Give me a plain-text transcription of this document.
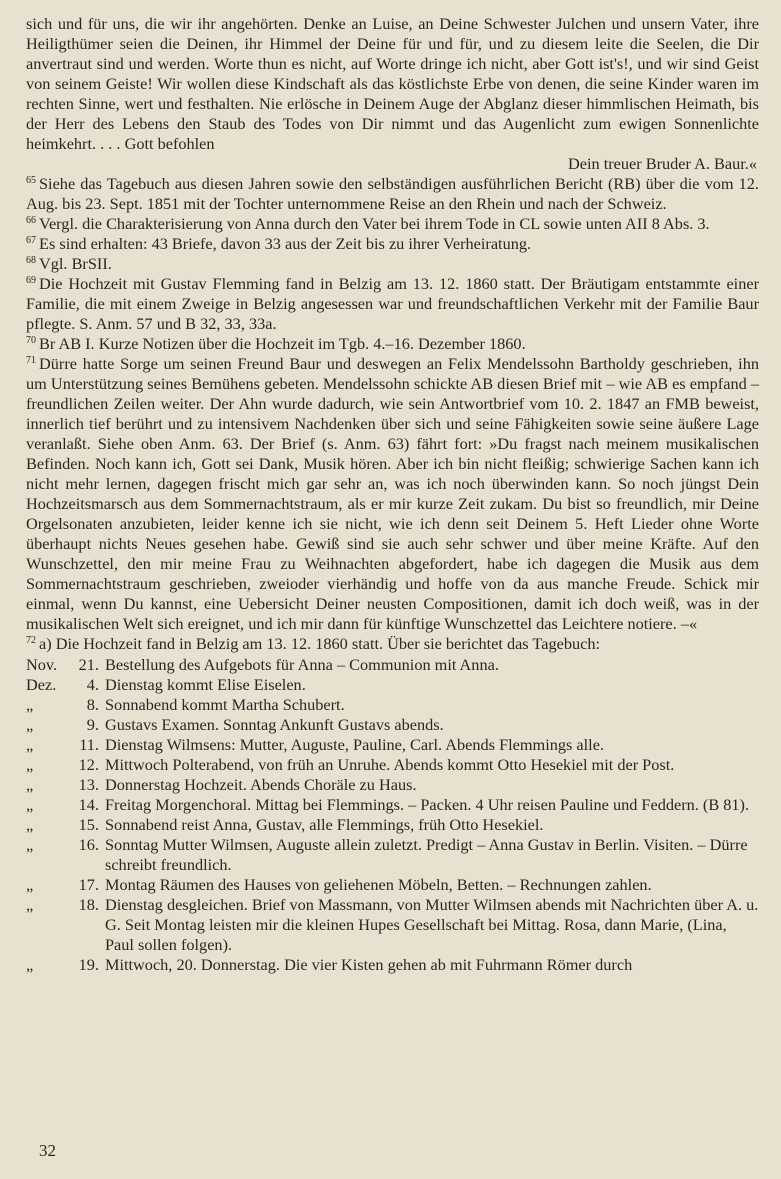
sich und für uns, die wir ihr angehörten. Denke an Luise, an Deine Schwester Julchen und unsern Vater, ihre Heiligthümer seien die Deinen, ihr Himmel der Deine für und für, und zu diesem leite die Seelen, die Dir anvertraut sind und werden. Worte thun es nicht, auf Worte dringe ich nicht, aber Gott ist's!, und wir sind Geist von seinem Geiste! Wir wollen diese Kindschaft als das köstlichste Erbe von denen, die seine Kinder waren im rechten Sinne, wert und festhalten. Nie erlösche in Deinem Auge der Abglanz dieser himmlischen Heimath, bis der Herr des Lebens den Staub des Todes von Dir nimmt und das Augenlicht zum ewigen Sonnenlichte heimkehrt. . . . Gott befohlen

Dein treuer Bruder A. Baur.«

$^{65}$ Siehe das Tagebuch aus diesen Jahren sowie den selbständigen ausführlichen Bericht (RB) über die vom 12. Aug. bis 23. Sept. 1851 mit der Tochter unternommene Reise an den Rhein und nach der Schweiz.

$^{66}$ Vergl. die Charakterisierung von Anna durch den Vater bei ihrem Tode in CL sowie unten AII 8 Abs. 3.

$^{67}$ Es sind erhalten: 43 Briefe, davon 33 aus der Zeit bis zu ihrer Verheiratung.

$^{68}$ Vgl. BrSII.

$^{69}$ Die Hochzeit mit Gustav Flemming fand in Belzig am 13. 12. 1860 statt. Der Bräutigam entstammte einer Familie, die mit einem Zweige in Belzig angesessen war und freundschaftlichen Verkehr mit der Familie Baur pflegte. S. Anm. 57 und B 32, 33, 33a.

$^{70}$ Br AB I. Kurze Notizen über die Hochzeit im Tgb. 4.–16. Dezember 1860.

$^{71}$ Dürre hatte Sorge um seinen Freund Baur und deswegen an Felix Mendelssohn Bartholdy geschrieben, ihn um Unterstützung seines Bemühens gebeten. Mendelssohn schickte AB diesen Brief mit – wie AB es empfand – freundlichen Zeilen weiter. Der Ahn wurde dadurch, wie sein Antwortbrief vom 10. 2. 1847 an FMB beweist, innerlich tief berührt und zu intensivem Nachdenken über sich und seine Fähigkeiten sowie seine äußere Lage veranlaßt. Siehe oben Anm. 63. Der Brief (s. Anm. 63) fährt fort: »Du fragst nach meinem musikalischen Befinden. Noch kann ich, Gott sei Dank, Musik hören. Aber ich bin nicht fleißig; schwierige Sachen kann ich nicht mehr lernen, dagegen frischt mich gar sehr an, was ich noch überwinden kann. So noch jüngst Dein Hochzeitsmarsch aus dem Sommernachtstraum, als er mir kurze Zeit zukam. Du bist so freundlich, mir Deine Orgelsonaten anzubieten, leider kenne ich sie nicht, wie ich denn seit Deinem 5. Heft Lieder ohne Worte überhaupt nichts Neues gesehen habe. Gewiß sind sie auch sehr schwer und über meine Kräfte. Auf den Wunschzettel, den mir meine Frau zu Weihnachten abgefordert, habe ich dagegen die Musik aus dem Sommernachtstraum geschrieben, zweioder vierhändig und hoffe von da aus manche Freude. Schick mir einmal, wenn Du kannst, eine Uebersicht Deiner neusten Compositionen, damit ich doch weiß, was in der musikalischen Welt sich ereignet, und ich mir dann für künftige Wunschzettel das Leichtere notiere. –«

$^{72}$ a) Die Hochzeit fand in Belzig am 13. 12. 1860 statt. Über sie berichtet das Tagebuch:

Nov.	21. Bestellung des Aufgebots für Anna – Communion mit Anna.
Dez.	4. Dienstag kommt Elise Eiselen.
„	8. Sonnabend kommt Martha Schubert.
„	9. Gustavs Examen. Sonntag Ankunft Gustavs abends.
„	11. Dienstag Wilmsens: Mutter, Auguste, Pauline, Carl. Abends Flemmings alle.
„	12. Mittwoch Polterabend, von früh an Unruhe. Abends kommt Otto Hesekiel mit der Post.
„	13. Donnerstag Hochzeit. Abends Choräle zu Haus.
„	14. Freitag Morgenchoral. Mittag bei Flemmings. – Packen. 4 Uhr reisen Pauline und Feddern. (B 81).
„	15. Sonnabend reist Anna, Gustav, alle Flemmings, früh Otto Hesekiel.
„	16. Sonntag Mutter Wilmsen, Auguste allein zuletzt. Predigt – Anna Gustav in Berlin. Visiten. – Dürre schreibt freundlich.
„	17. Montag Räumen des Hauses von geliehenen Möbeln, Betten. – Rechnungen zahlen.
„	18. Dienstag desgleichen. Brief von Massmann, von Mutter Wilmsen abends mit Nachrichten über A. u. G. Seit Montag leisten mir die kleinen Hupes Gesellschaft bei Mittag. Rosa, dann Marie, (Lina, Paul sollen folgen).
„	19. Mittwoch, 20. Donnerstag. Die vier Kisten gehen ab mit Fuhrmann Römer durch
32
